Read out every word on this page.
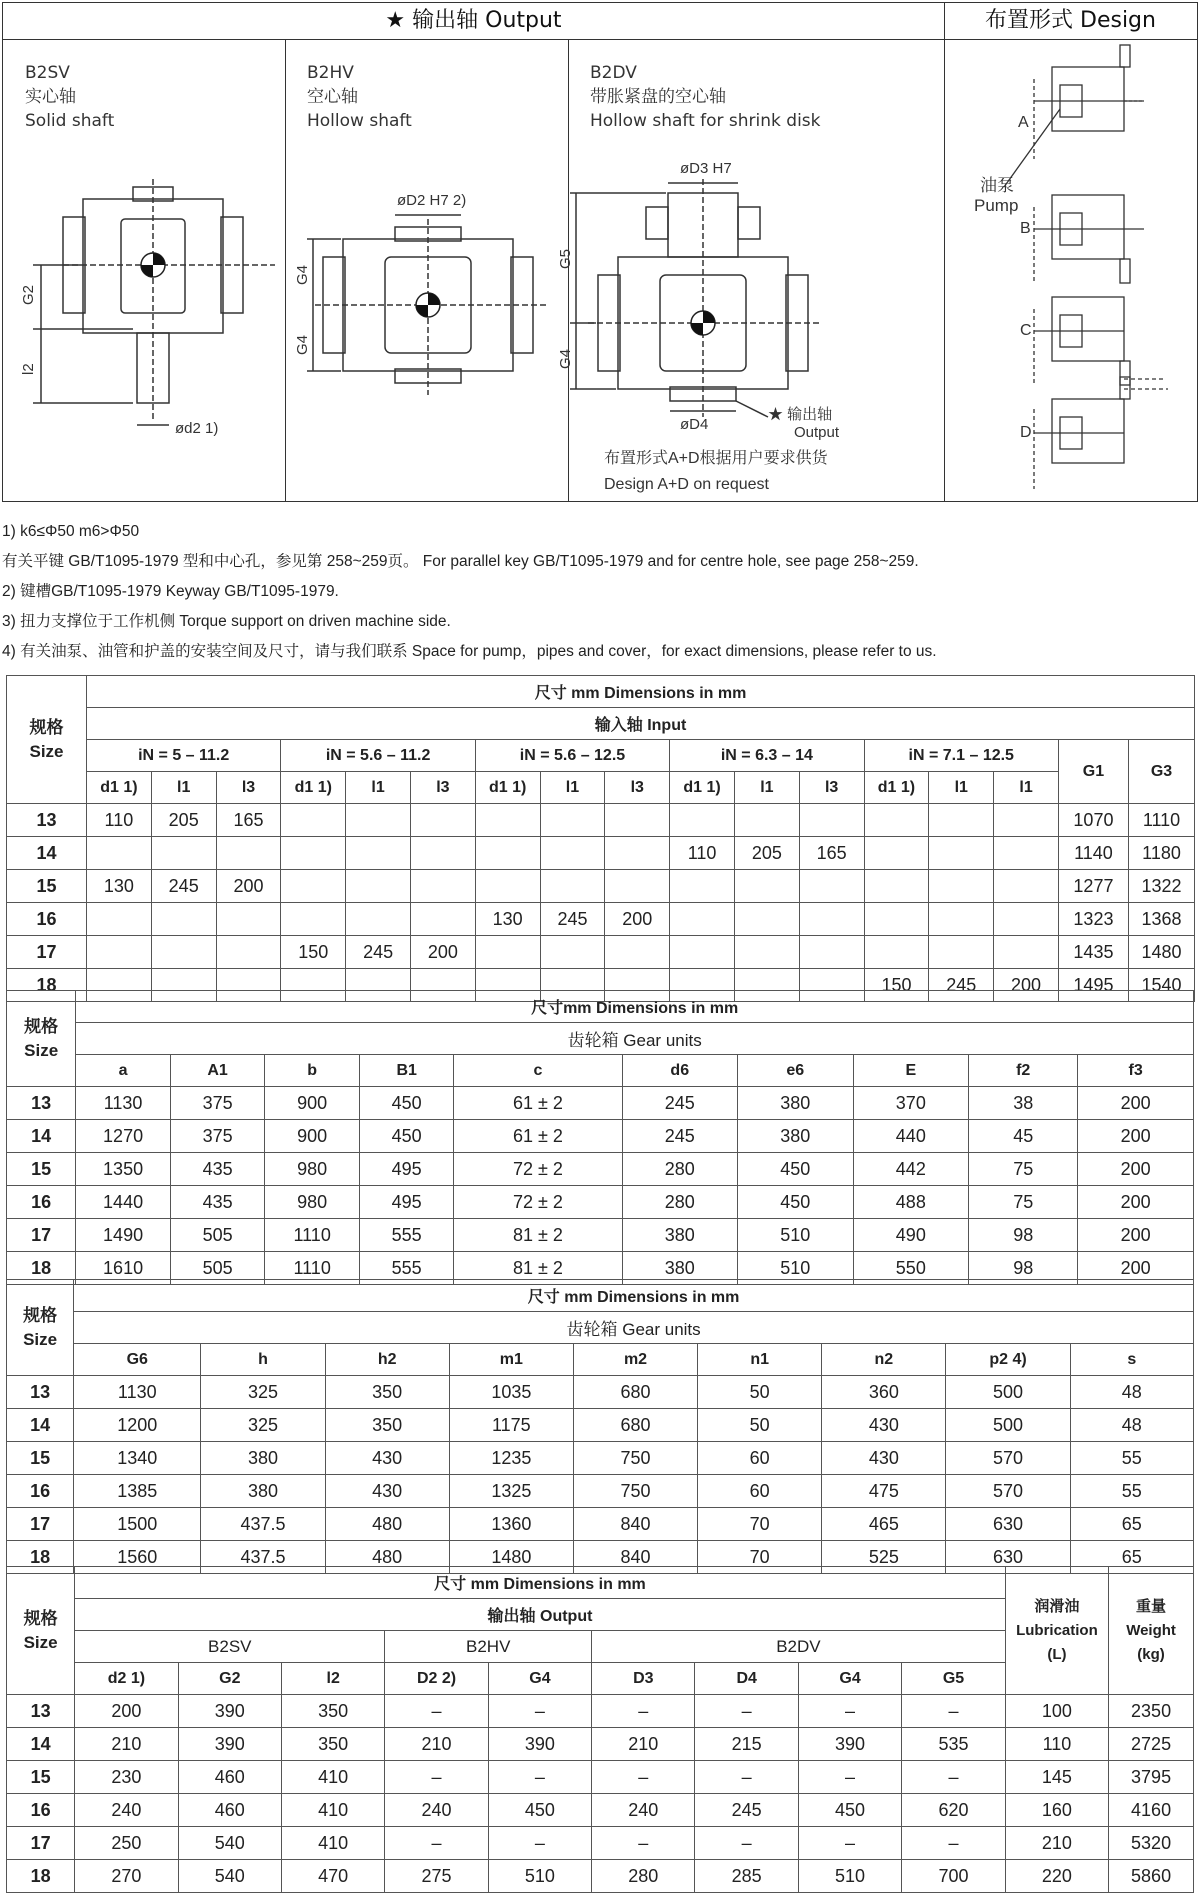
★ 输出轴 Output	布置形式 Design
B2SV
实心轴
Solid shaft
G2
l2
ød2 1)
B2HV
空心轴
Hollow shaft
øD2 H7 2)
G4
G4
B2DV
带胀紧盘的空心轴
Hollow shaft for shrink disk
øD3 H7
øD4
G5
G4
★ 输出轴
Output
布置形式A+D根据用户要求供货
Design A+D on request
A
B
C
D
油泵
Pump
1) k6≤Φ50 m6>Φ50
有关平键 GB/T1095-1979 型和中心孔，参见第 258~259页。 For parallel key GB/T1095-1979 and for centre hole, see page 258~259.
2) 键槽GB/T1095-1979 Keyway GB/T1095-1979.
3) 扭力支撑位于工作机侧 Torque support on driven machine side.
4) 有关油泵、油管和护盖的安装空间及尺寸，请与我们联系 Space for pump，pipes and cover，for exact dimensions, please refer to us.
规格
Size	尺寸 mm Dimensions in mm																
	输入轴 Input																
	iN = 5 – 11.2			iN = 5.6 – 11.2			iN = 5.6 – 12.5			iN = 6.3 – 14			iN = 7.1 – 12.5			G1	G3
	d1 1)	l1	l3	d1 1)	l1	l3	d1 1)	l1	l3	d1 1)	l1	l3	d1 1)	l1	l1		
13	110	205	165													1070	1110
14										110	205	165				1140	1180
15	130	245	200													1277	1322
16							130	245	200							1323	1368
17				150	245	200										1435	1480
18													150	245	200	1495	1540
规格
Size	尺寸mm Dimensions in mm									
	齿轮箱 Gear units									
	a	A1	b	B1	c	d6	e6	E	f2	f3
13	1130	375	900	450	61 ± 2	245	380	370	38	200
14	1270	375	900	450	61 ± 2	245	380	440	45	200
15	1350	435	980	495	72 ± 2	280	450	442	75	200
16	1440	435	980	495	72 ± 2	280	450	488	75	200
17	1490	505	1110	555	81 ± 2	380	510	490	98	200
18	1610	505	1110	555	81 ± 2	380	510	550	98	200
规格
Size	尺寸 mm Dimensions in mm								
	齿轮箱 Gear units								
	G6	h	h2	m1	m2	n1	n2	p2 4)	s
13	1130	325	350	1035	680	50	360	500	48
14	1200	325	350	1175	680	50	430	500	48
15	1340	380	430	1235	750	60	430	570	55
16	1385	380	430	1325	750	60	475	570	55
17	1500	437.5	480	1360	840	70	465	630	65
18	1560	437.5	480	1480	840	70	525	630	65
规格
Size	尺寸 mm Dimensions in mm									润滑油
Lubrication
(L)	重量
Weight
(kg)
	输出轴 Output										
	B2SV			B2HV		B2DV					
	d2 1)	G2	l2	D2 2)	G4	D3	D4	G4	G5		
13	200	390	350	–	–	–	–	–	–	100	2350
14	210	390	350	210	390	210	215	390	535	110	2725
15	230	460	410	–	–	–	–	–	–	145	3795
16	240	460	410	240	450	240	245	450	620	160	4160
17	250	540	410	–	–	–	–	–	–	210	5320
18	270	540	470	275	510	280	285	510	700	220	5860
